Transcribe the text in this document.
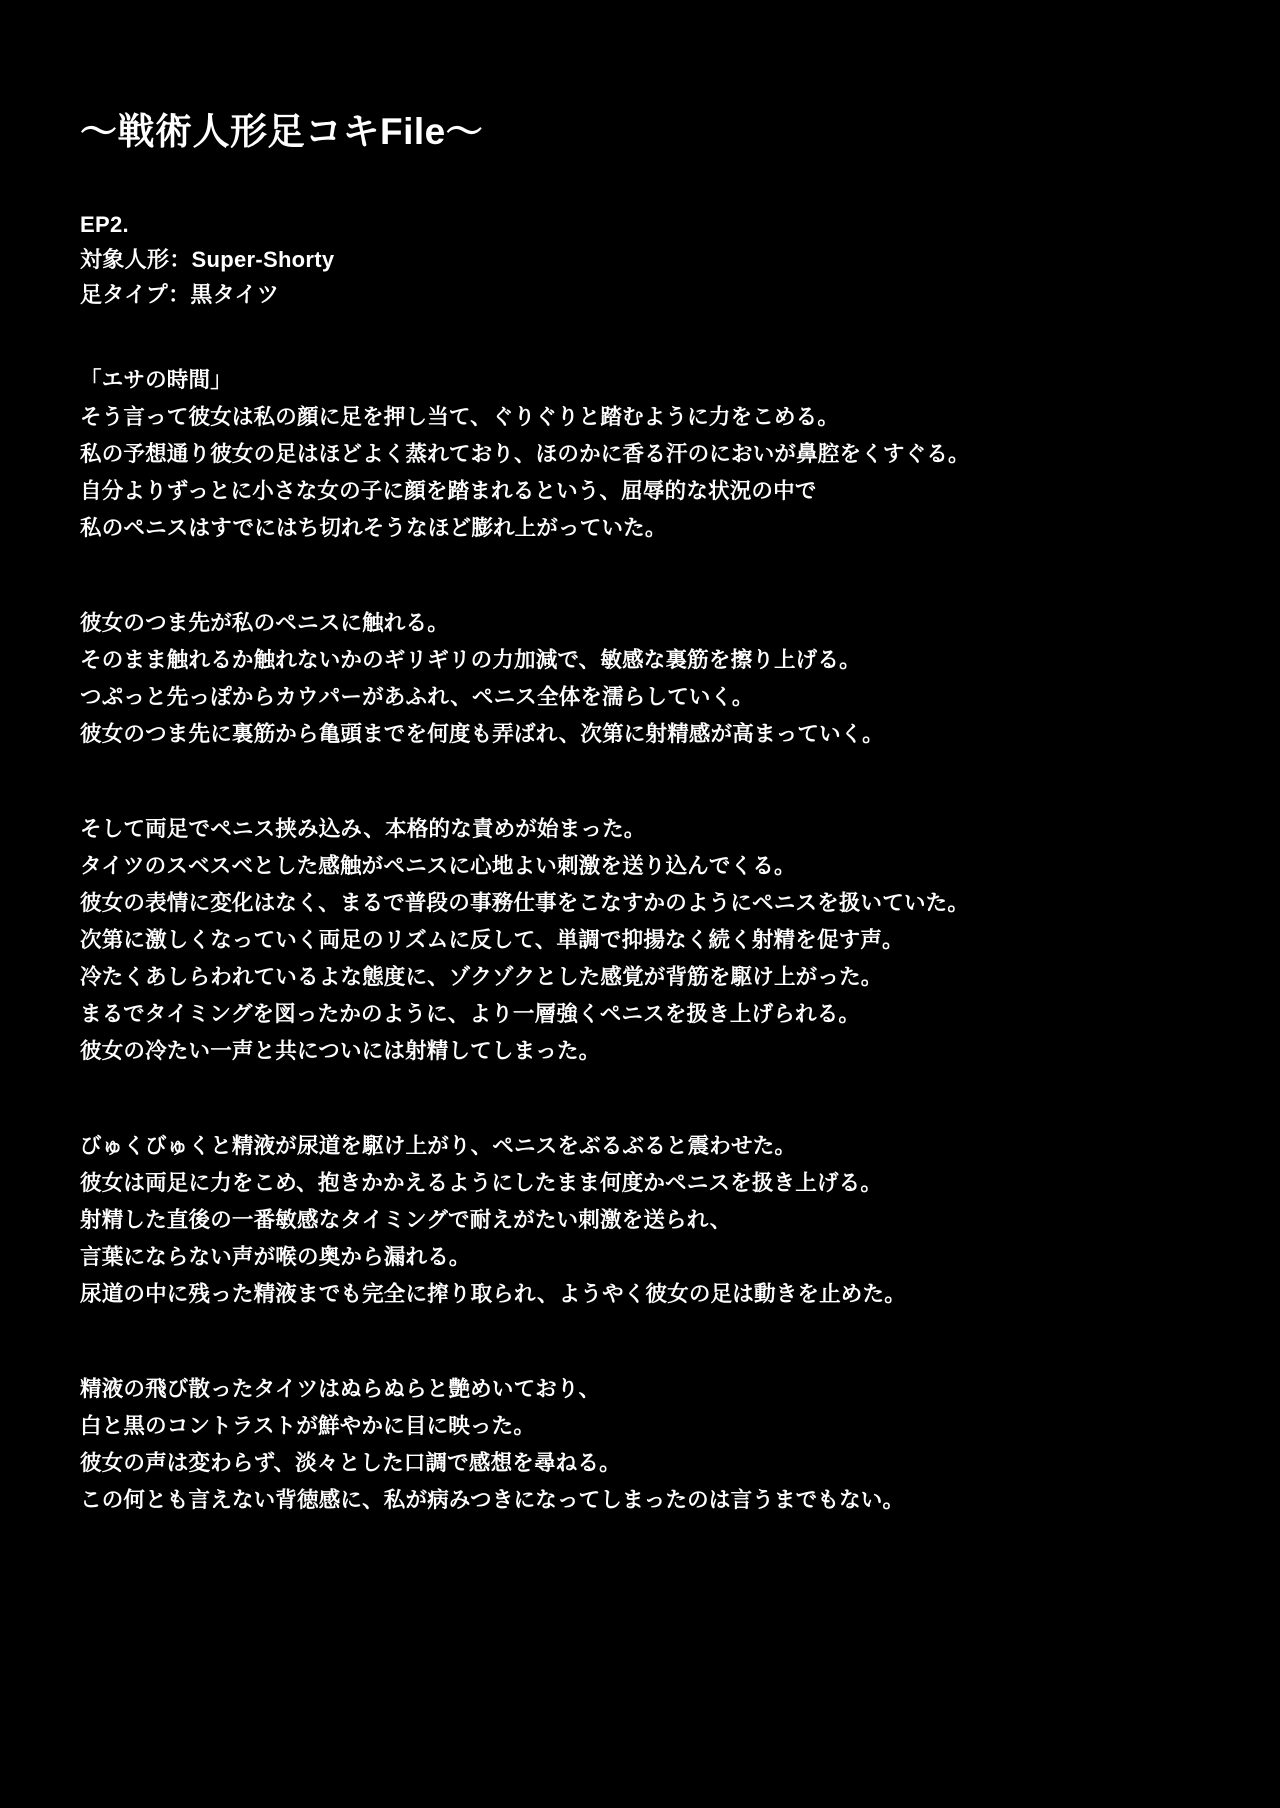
〜戦術人形足コキFile〜
EP2.
対象人形：Super-Shorty
足タイプ：黒タイツ
「エサの時間」
そう言って彼女は私の顔に足を押し当て、ぐりぐりと踏むように力をこめる。
私の予想通り彼女の足はほどよく蒸れており、ほのかに香る汗のにおいが鼻腔をくすぐる。
自分よりずっとに小さな女の子に顔を踏まれるという、屈辱的な状況の中で
私のペニスはすでにはち切れそうなほど膨れ上がっていた。
彼女のつま先が私のペニスに触れる。
そのまま触れるか触れないかのギリギリの力加減で、敏感な裏筋を擦り上げる。
つぷっと先っぽからカウパーがあふれ、ペニス全体を濡らしていく。
彼女のつま先に裏筋から亀頭までを何度も弄ばれ、次第に射精感が高まっていく。
そして両足でペニス挟み込み、本格的な責めが始まった。
タイツのスベスベとした感触がペニスに心地よい刺激を送り込んでくる。
彼女の表情に変化はなく、まるで普段の事務仕事をこなすかのようにペニスを扱いていた。
次第に激しくなっていく両足のリズムに反して、単調で抑揚なく続く射精を促す声。
冷たくあしらわれているよな態度に、ゾクゾクとした感覚が背筋を駆け上がった。
まるでタイミングを図ったかのように、より一層強くペニスを扱き上げられる。
彼女の冷たい一声と共についには射精してしまった。
びゅくびゅくと精液が尿道を駆け上がり、ペニスをぶるぶると震わせた。
彼女は両足に力をこめ、抱きかかえるようにしたまま何度かペニスを扱き上げる。
射精した直後の一番敏感なタイミングで耐えがたい刺激を送られ、
言葉にならない声が喉の奥から漏れる。
尿道の中に残った精液までも完全に搾り取られ、ようやく彼女の足は動きを止めた。
精液の飛び散ったタイツはぬらぬらと艶めいており、
白と黒のコントラストが鮮やかに目に映った。
彼女の声は変わらず、淡々とした口調で感想を尋ねる。
この何とも言えない背徳感に、私が病みつきになってしまったのは言うまでもない。
